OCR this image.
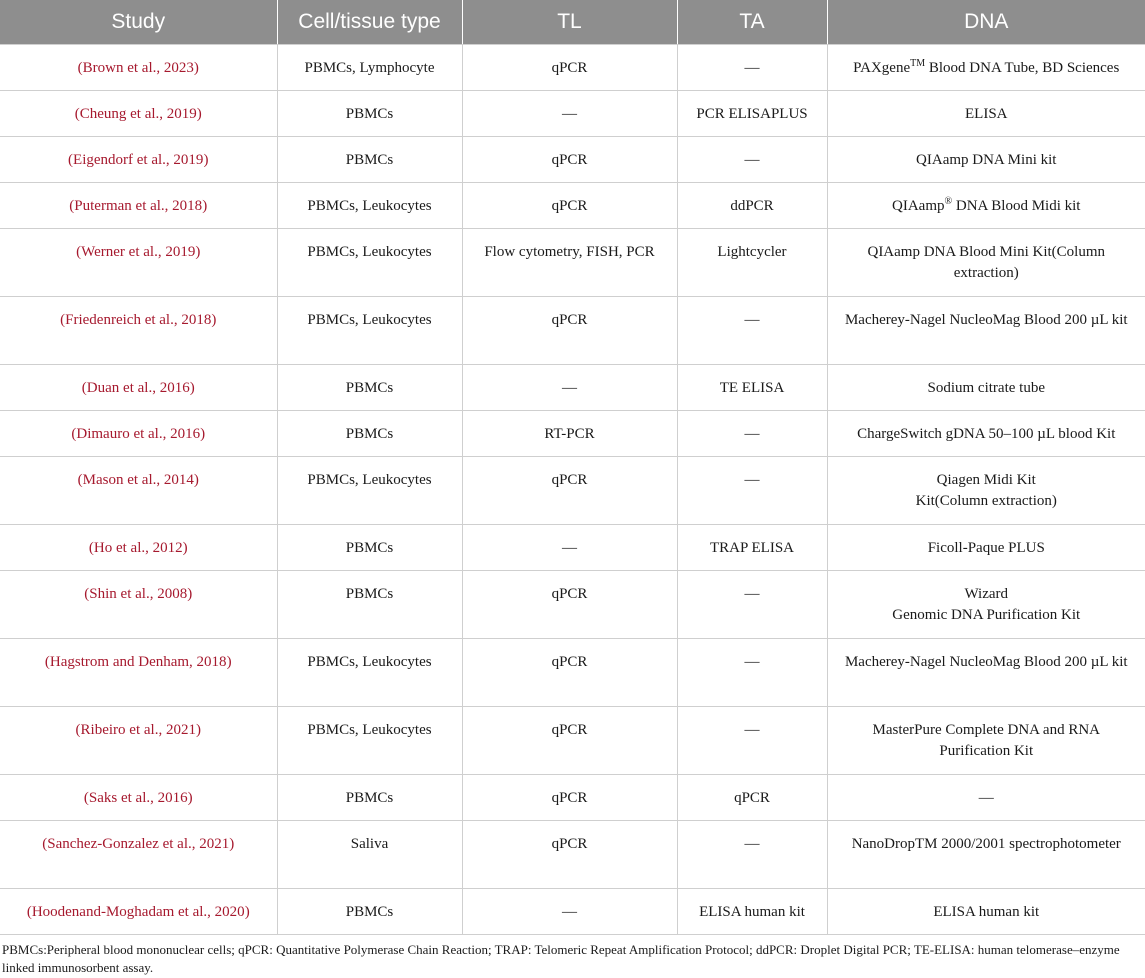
Study	Cell/tissue type	TL	TA	DNA
(Brown et al., 2023)	PBMCs, Lymphocyte	qPCR	—	PAXgene™ Blood DNA Tube, BD Sciences
(Cheung et al., 2019)	PBMCs	—	PCR ELISAPLUS	ELISA
(Eigendorf et al., 2019)	PBMCs	qPCR	—	QIAamp DNA Mini kit
(Puterman et al., 2018)	PBMCs, Leukocytes	qPCR	ddPCR	QIAamp® DNA Blood Midi kit
(Werner et al., 2019)	PBMCs, Leukocytes	Flow cytometry, FISH, PCR	Lightcycler	QIAamp DNA Blood Mini Kit(Column extraction)
(Friedenreich et al., 2018)	PBMCs, Leukocytes	qPCR	—	Macherey-Nagel NucleoMag Blood 200 µL kit
(Duan et al., 2016)	PBMCs	—	TE ELISA	Sodium citrate tube
(Dimauro et al., 2016)	PBMCs	RT-PCR	—	ChargeSwitch gDNA 50–100 µL blood Kit
(Mason et al., 2014)	PBMCs, Leukocytes	qPCR	—	Qiagen Midi Kit
Kit(Column extraction)

(Ho et al., 2012)	PBMCs	—	TRAP ELISA	Ficoll-Paque PLUS
(Shin et al., 2008)	PBMCs	qPCR	—	Wizard
Genomic DNA Purification Kit

(Hagstrom and Denham, 2018)	PBMCs, Leukocytes	qPCR	—	Macherey-Nagel NucleoMag Blood 200 µL kit
(Ribeiro et al., 2021)	PBMCs, Leukocytes	qPCR	—	MasterPure Complete DNA and RNA Purification Kit
(Saks et al., 2016)	PBMCs	qPCR	qPCR	—
(Sanchez-Gonzalez et al., 2021)	Saliva	qPCR	—	NanoDropTM 2000/2001 spectrophotometer
(Hoodenand-Moghadam et al., 2020)	PBMCs	—	ELISA human kit	ELISA human kit
PBMCs:Peripheral blood mononuclear cells; qPCR: Quantitative Polymerase Chain Reaction; TRAP: Telomeric Repeat Amplification Protocol; ddPCR: Droplet Digital PCR; TE-ELISA: human telomerase–enzyme linked immunosorbent assay.
